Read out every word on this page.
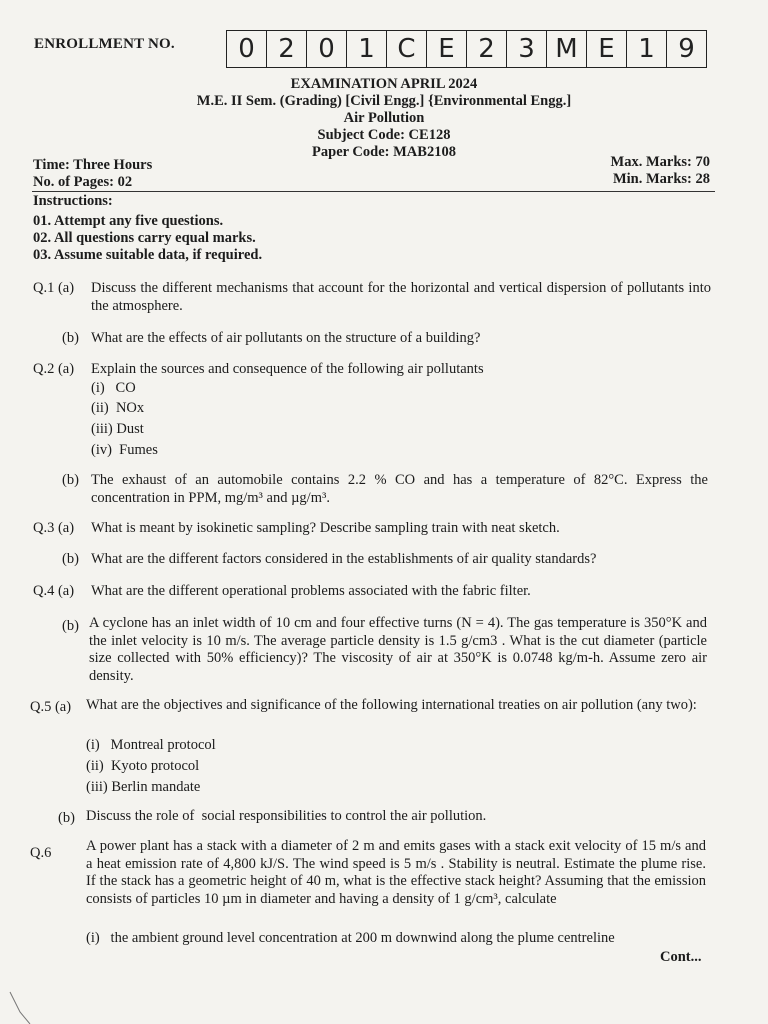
ENROLLMENT NO.	0 2 0 1 C E 2 3 M E 1 9
EXAMINATION APRIL 2024
M.E. II Sem. (Grading) [Civil Engg.] {Environmental Engg.]
Air Pollution
Subject Code: CE128
Paper Code: MAB2108
Time: Three Hours
No. of Pages: 02
Max. Marks: 70
Min. Marks: 28
Instructions:
01. Attempt any five questions.
02. All questions carry equal marks.
03. Assume suitable data, if required.
Q.1 (a) Discuss the different mechanisms that account for the horizontal and vertical dispersion of pollutants into the atmosphere.
(b) What are the effects of air pollutants on the structure of a building?
Q.2 (a) Explain the sources and consequence of the following air pollutants
(i)   CO
(ii)  NOx
(iii) Dust
(iv)  Fumes
(b) The exhaust of an automobile contains 2.2 % CO and has a temperature of 82°C. Express the concentration in PPM, mg/m³ and µg/m³.
Q.3 (a) What is meant by isokinetic sampling? Describe sampling train with neat sketch.
(b) What are the different factors considered in the establishments of air quality standards?
Q.4 (a) What are the different operational problems associated with the fabric filter.
(b) A cyclone has an inlet width of 10 cm and four effective turns (N = 4). The gas temperature is 350°K and the inlet velocity is 10 m/s. The average particle density is 1.5 g/cm3 . What is the cut diameter (particle size collected with 50% efficiency)? The viscosity of air at 350°K is 0.0748 kg/m-h. Assume zero air density.
Q.5 (a) What are the objectives and significance of the following international treaties on air pollution (any two):
(i)   Montreal protocol
(ii)  Kyoto protocol
(iii) Berlin mandate
(b) Discuss the role of  social responsibilities to control the air pollution.
Q.6 A power plant has a stack with a diameter of 2 m and emits gases with a stack exit velocity of 15 m/s and a heat emission rate of 4,800 kJ/S. The wind speed is 5 m/s . Stability is neutral. Estimate the plume rise. If the stack has a geometric height of 40 m, what is the effective stack height? Assuming that the emission consists of particles 10 µm in diameter and having a density of 1 g/cm³, calculate
(i)   the ambient ground level concentration at 200 m downwind along the plume centreline
Cont...
